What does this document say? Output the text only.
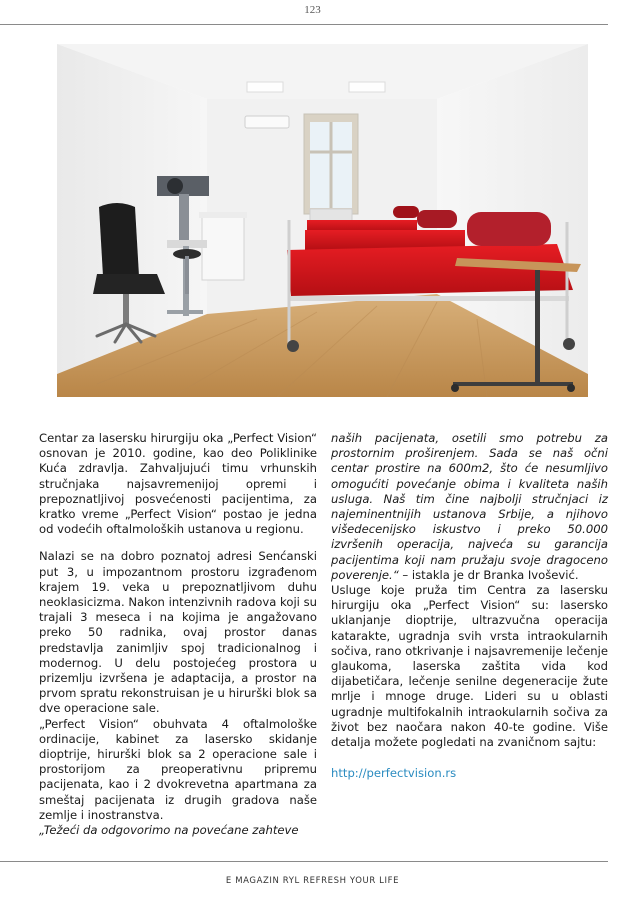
123

Centar za lasersku hirurgiju oka „Perfect Vision“ osnovan je 2010. godine, kao deo Poliklinike Kuća zdravlja. Zahvaljujući timu vrhunskih stručnjaka najsavremenijoj opremi i prepoznatljivoj posvećenosti pacijentima, za kratko vreme „Perfect Vision“ postao je jedna od vodećih oftalmoloških ustanova u regionu.

Nalazi se na dobro poznatoj adresi Senćanski put 3, u impozantnom prostoru izgrađenom krajem 19. veka u prepoznatljivom duhu neoklasicizma. Nakon intenzivnih radova koji su trajali 3 meseca i na kojima je angažovano preko 50 radnika, ovaj prostor danas predstavlja zanimljiv spoj tradicionalnog i modernog. U delu postojećeg prostora u prizemlju izvršena je adaptacija, a prostor na prvom spratu rekonstruisan je u hirurški blok sa dve operacione sale.

„Perfect Vision“ obuhvata 4 oftalmološke ordinacije, kabinet za lasersko skidanje dioptrije, hirurški blok sa 2 operacione sale i prostorijom za preoperativnu pripremu pacijenata, kao i 2 dvokrevetna apartmana za smeštaj pacijenata iz drugih gradova naše zemlje i inostranstva.

„Težeći da odgovorimo na povećane zahteve

naših pacijenata, osetili smo potrebu za prostornim proširenjem. Sada se naš očni centar prostire na 600m2, što će nesumljivo omogućiti povećanje obima i kvaliteta naših usluga. Naš tim čine najbolji stručnjaci iz najeminentnijih ustanova Srbije, a njihovo višedecenijsko iskustvo i preko 50.000 izvršenih operacija, najveća su garancija pacijentima koji nam pružaju svoje dragoceno poverenje.“ – istakla je dr Branka Ivošević.

Usluge koje pruža tim Centra za lasersku hirurgiju oka „Perfect Vision“ su: lasersko uklanjanje dioptrije, ultrazvučna operacija katarakte, ugradnja svih vrsta intraokularnih sočiva, rano otkrivanje i najsavremenije lečenje glaukoma, laserska zaštita vida kod dijabetičara, lečenje senilne degeneracije žute mrlje i mnoge druge. Lideri su u oblasti ugradnje multifokalnih intraokularnih sočiva za život bez naočara nakon 40-te godine. Više detalja možete pogledati na zvaničnom sajtu:

http://perfectvision.rs
E MAGAZIN RYL REFRESH YOUR LIFE
